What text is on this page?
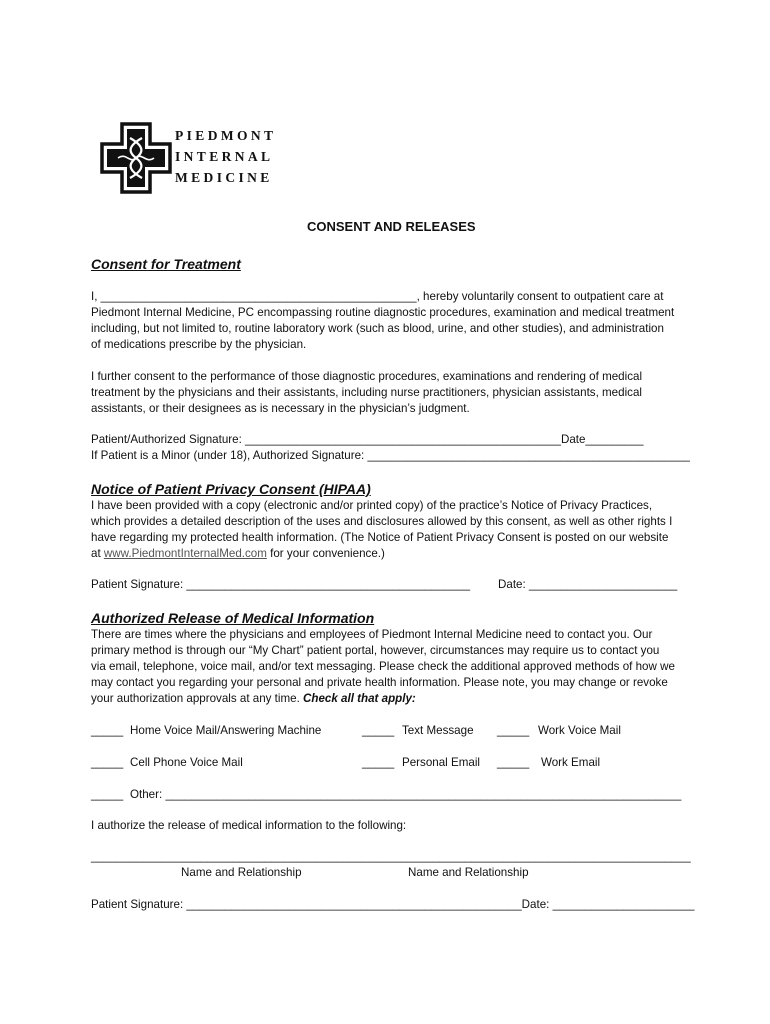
PIEDMONT
INTERNAL
MEDICINE
CONSENT AND RELEASES
Consent for Treatment
I, _________________________________________________, hereby voluntarily consent to outpatient care at
Piedmont Internal Medicine, PC encompassing routine diagnostic procedures, examination and medical treatment
including, but not limited to, routine laboratory work (such as blood, urine, and other studies), and administration
of medications prescribe by the physician.
I further consent to the performance of those diagnostic procedures, examinations and rendering of medical
treatment by the physicians and their assistants, including nurse practitioners, physician assistants, medical
assistants, or their designees as is necessary in the physician’s judgment.
Patient/Authorized Signature: _________________________________________________Date_________
If Patient is a Minor (under 18), Authorized Signature: __________________________________________________
Notice of Patient Privacy Consent (HIPAA)
I have been provided with a copy (electronic and/or printed copy) of the practice’s Notice of Privacy Practices,
which provides a detailed description of the uses and disclosures allowed by this consent, as well as other rights I
have regarding my protected health information. (The Notice of Patient Privacy Consent is posted on our website
at www.PiedmontInternalMed.com for your convenience.)
Patient Signature: ____________________________________________ Date: _______________________
Authorized Release of Medical Information
There are times where the physicians and employees of Piedmont Internal Medicine need to contact you. Our
primary method is through our “My Chart” patient portal, however, circumstances may require us to contact you
via email, telephone, voice mail, and/or text messaging. Please check the additional approved methods of how we
may contact you regarding your personal and private health information. Please note, you may change or revoke
your authorization approvals at any time. Check all that apply:
_____ Home Voice Mail/Answering Machine	_____ Text Message _____ Work Voice Mail
_____ Cell Phone Voice Mail	_____ Personal Email _____ Work Email
_____ Other: ________________________________________________________________________________
I authorize the release of medical information to the following:
_____________________________________________________________________________________________
Name and Relationship	Name and Relationship
Patient Signature: ____________________________________________________Date: ______________________
